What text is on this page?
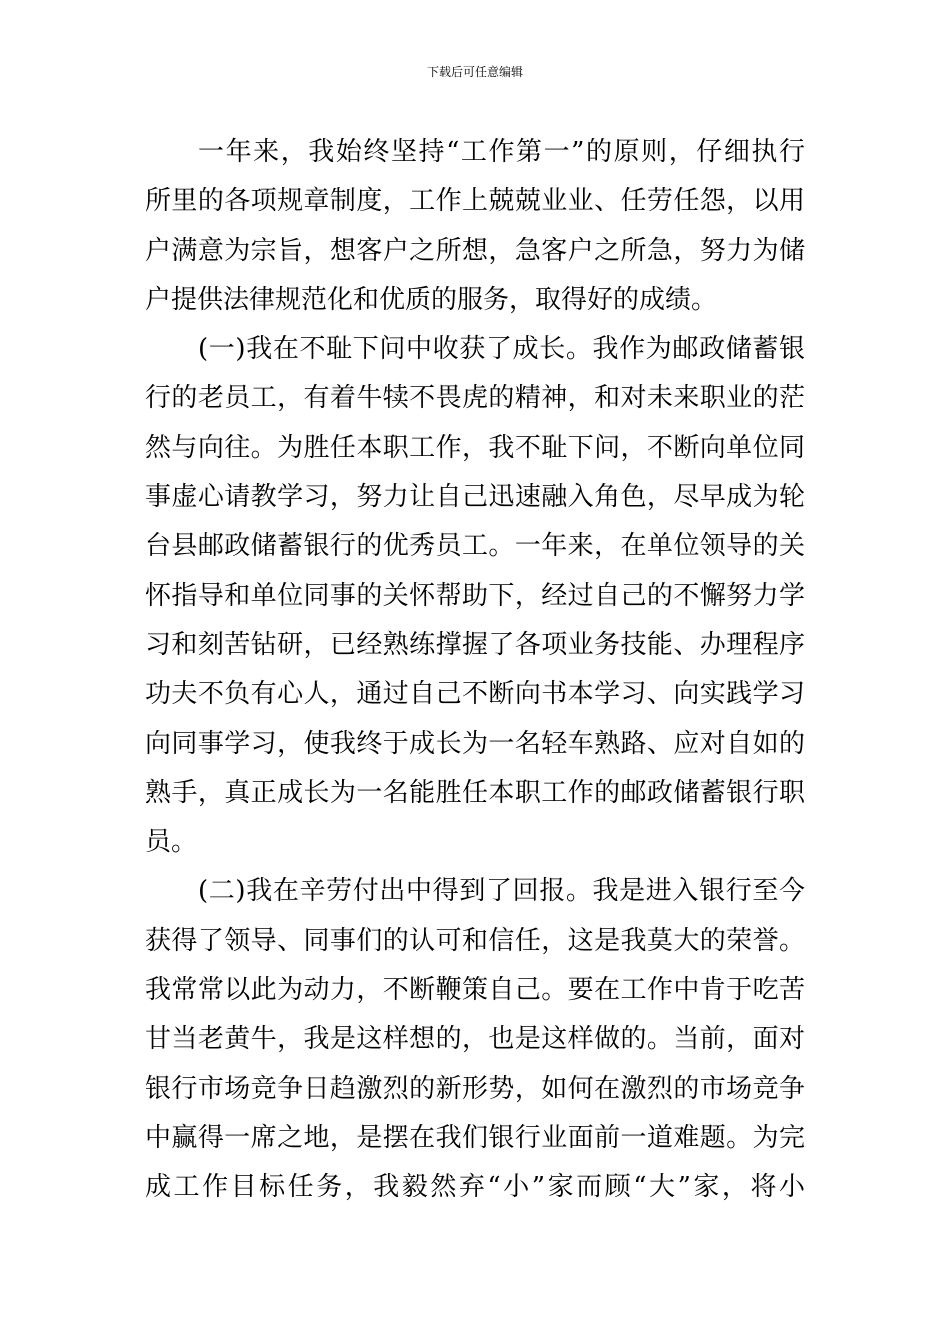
下载后可任意编辑
一年来，我始终坚持“工作第一”的原则，仔细执行
所里的各项规章制度，工作上兢兢业业、任劳任怨，以用
户满意为宗旨，想客户之所想，急客户之所急，努力为储
户提供法律规范化和优质的服务，取得好的成绩。
(一)我在不耻下问中收获了成长。我作为邮政储蓄银
行的老员工，有着牛犊不畏虎的精神，和对未来职业的茫
然与向往。为胜任本职工作，我不耻下问，不断向单位同
事虚心请教学习，努力让自己迅速融入角色，尽早成为轮
台县邮政储蓄银行的优秀员工。一年来，在单位领导的关
怀指导和单位同事的关怀帮助下，经过自己的不懈努力学
习和刻苦钻研，已经熟练撑握了各项业务技能、办理程序
功夫不负有心人，通过自己不断向书本学习、向实践学习
向同事学习，使我终于成长为一名轻车熟路、应对自如的
熟手，真正成长为一名能胜任本职工作的邮政储蓄银行职
员。
(二)我在辛劳付出中得到了回报。我是进入银行至今
获得了领导、同事们的认可和信任，这是我莫大的荣誉。
我常常以此为动力，不断鞭策自己。要在工作中肯于吃苦
甘当老黄牛，我是这样想的，也是这样做的。当前，面对
银行市场竞争日趋激烈的新形势，如何在激烈的市场竞争
中赢得一席之地，是摆在我们银行业面前一道难题。为完
成工作目标任务，我毅然弃“小”家而顾“大”家，将小
